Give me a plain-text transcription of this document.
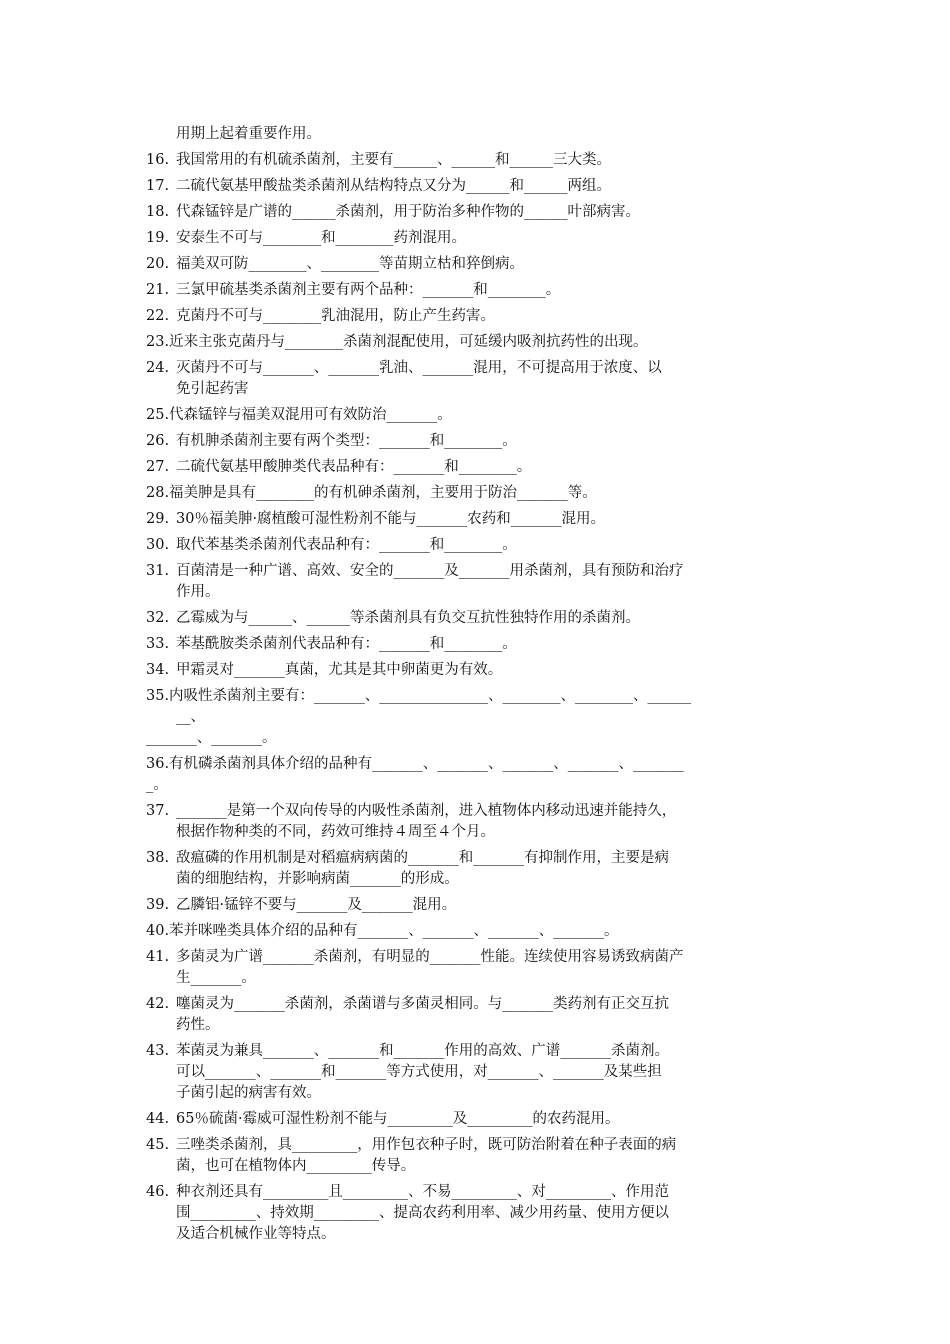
用期上起着重要作用。
16. 我国常用的有机硫杀菌剂，主要有______、______和______三大类。
17. 二硫代氨基甲酸盐类杀菌剂从结构特点又分为______和______两组。
18. 代森锰锌是广谱的______杀菌剂，用于防治多种作物的______叶部病害。
19. 安泰生不可与________和________药剂混用。
20. 福美双可防________、________等苗期立枯和猝倒病。
21. 三氯甲硫基类杀菌剂主要有两个品种：_______和________。
22. 克菌丹不可与________乳油混用，防止产生药害。
23.近来主张克菌丹与________杀菌剂混配使用，可延缓内吸剂抗药性的出现。
24. 灭菌丹不可与_______、_______乳油、_______混用，不可提高用于浓度、以
免引起药害
25.代森锰锌与福美双混用可有效防治_______。
26. 有机胂杀菌剂主要有两个类型：_______和________。
27. 二硫代氨基甲酸胂类代表品种有：_______和________。
28.福美胂是具有________的有机砷杀菌剂，主要用于防治_______等。
29. 30％福美胂·腐植酸可湿性粉剂不能与_______农药和_______混用。
30. 取代苯基类杀菌剂代表品种有：_______和________。
31. 百菌清是一种广谱、高效、安全的_______及_______用杀菌剂，具有预防和治疗
作用。
32. 乙霉威为与______、______等杀菌剂具有负交互抗性独特作用的杀菌剂。
33. 苯基酰胺类杀菌剂代表品种有：_______和________。
34. 甲霜灵对_______真菌，尤其是其中卵菌更为有效。
35.内吸性杀菌剂主要有：_______、_______________、________、________、______
__、
_______、_______。
36.有机磷杀菌剂具体介绍的品种有_______、_______、_______、_______、_______
_。
37. _______是第一个双向传导的内吸性杀菌剂，进入植物体内移动迅速并能持久，
根据作物种类的不同，药效可维持４周至４个月。
38. 敌瘟磷的作用机制是对稻瘟病病菌的_______和_______有抑制作用，主要是病
菌的细胞结构，并影响病菌_______的形成。
39. 乙膦铝·锰锌不要与_______及_______混用。
40.苯并咪唑类具体介绍的品种有_______、_______、_______、_______。
41. 多菌灵为广谱_______杀菌剂，有明显的_______性能。连续使用容易诱致病菌产
生_______。
42. 噻菌灵为_______杀菌剂，杀菌谱与多菌灵相同。与_______类药剂有正交互抗
药性。
43. 苯菌灵为兼具_______、_______和_______作用的高效、广谱_______杀菌剂。
可以_______、_______和_______等方式使用，对_______、_______及某些担
子菌引起的病害有效。
44. 65％硫菌·霉威可湿性粉剂不能与_________及_________的农药混用。
45. 三唑类杀菌剂，具_________，用作包衣种子时，既可防治附着在种子表面的病
菌，也可在植物体内_________传导。
46. 种衣剂还具有_________且_________、不易_________、对_________、作用范
围_________、持效期_________、提高农药利用率、减少用药量、使用方便以
及适合机械作业等特点。
